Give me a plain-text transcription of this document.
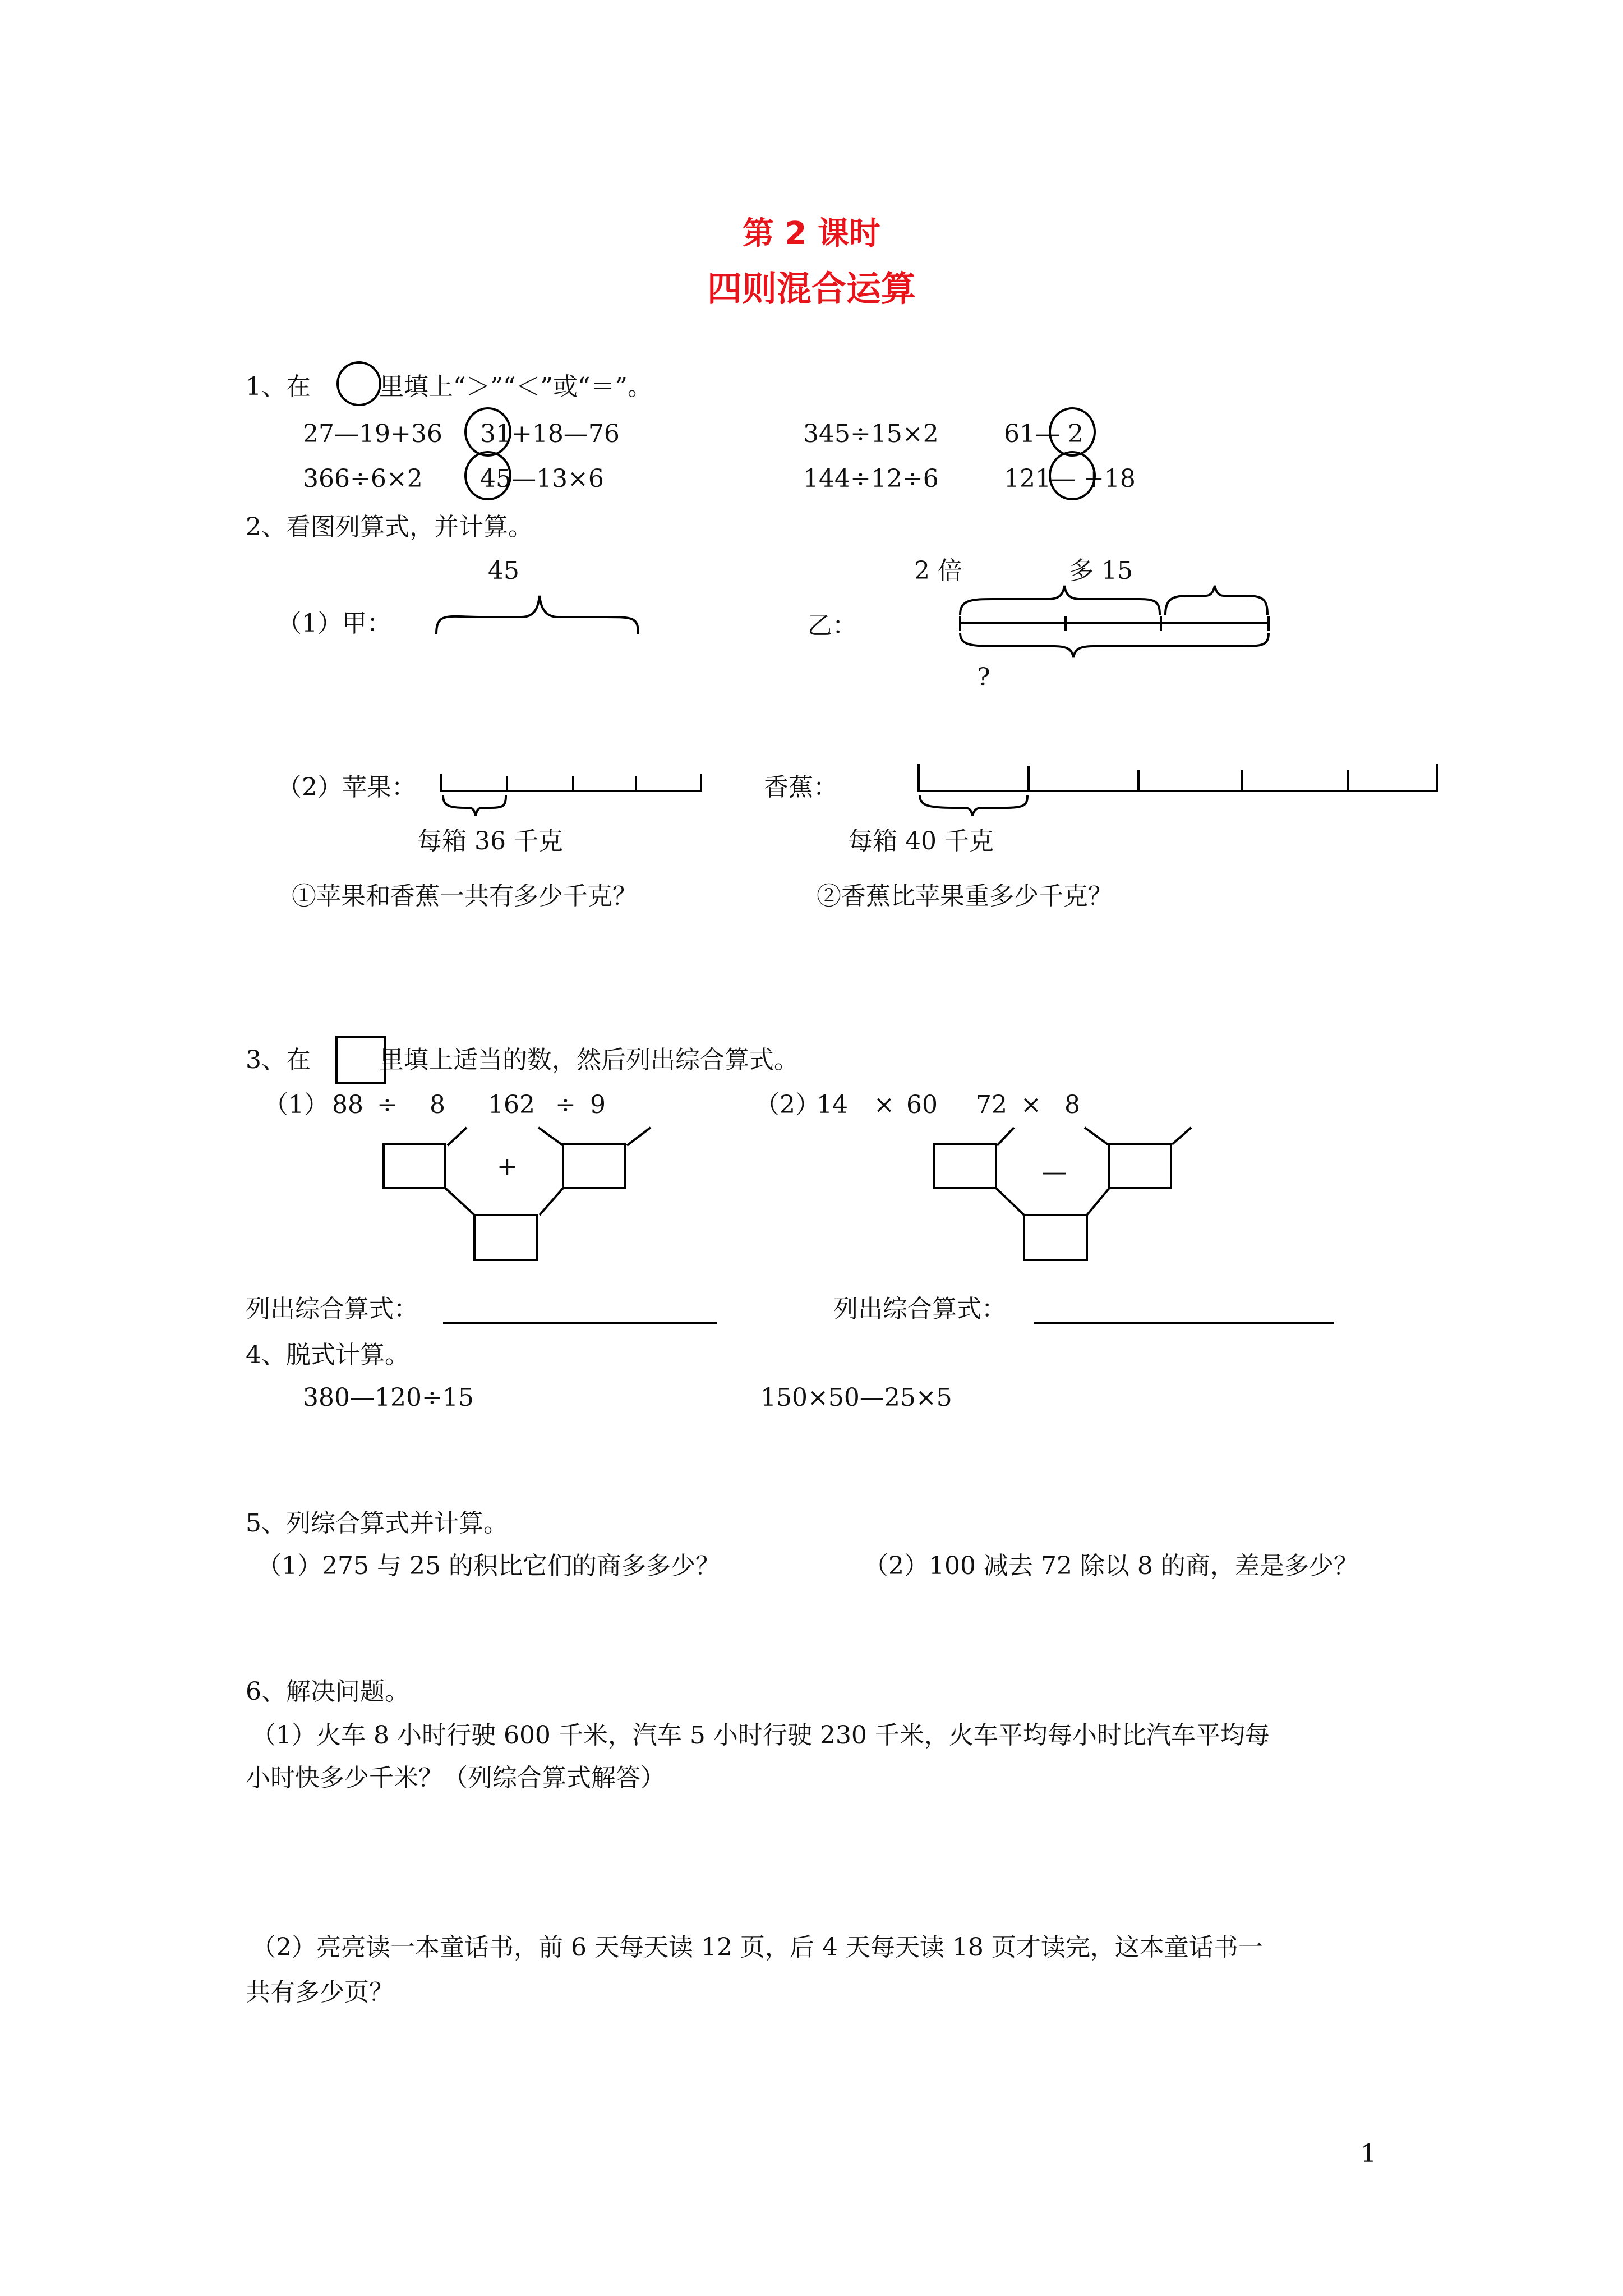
第 2 课时
四则混合运算
1、在	里填上“＞”“＜”或“＝”。
27—19+36 31+18—76	345÷15×2	61— 2
366÷6×2 45—13×6	144÷12÷6	121— +18
2、看图列算式，并计算。
45
（1）甲：
2 倍	多 15
乙：
?
（2）苹果：	香蕉：
每箱 36 千克	每箱 40 千克
①苹果和香蕉一共有多少千克？	②香蕉比苹果重多少千克？
3、在	里填上适当的数，然后列出综合算式。
（1） 88 ÷ 8 162 ÷ 9
+
（2）
14 × 60 72 × 8
—
列出综合算式：	列出综合算式：
4、脱式计算。
380—120÷15	150×50—25×5
5、列综合算式并计算。
（1）275 与 25 的积比它们的商多多少？	（2）100 减去 72 除以 8 的商，差是多少？
6、解决问题。
（1）火车 8 小时行驶 600 千米，汽车 5 小时行驶 230 千米，火车平均每小时比汽车平均每
小时快多少千米？（列综合算式解答）
（2）亮亮读一本童话书，前 6 天每天读 12 页，后 4 天每天读 18 页才读完，这本童话书一
共有多少页？
1
